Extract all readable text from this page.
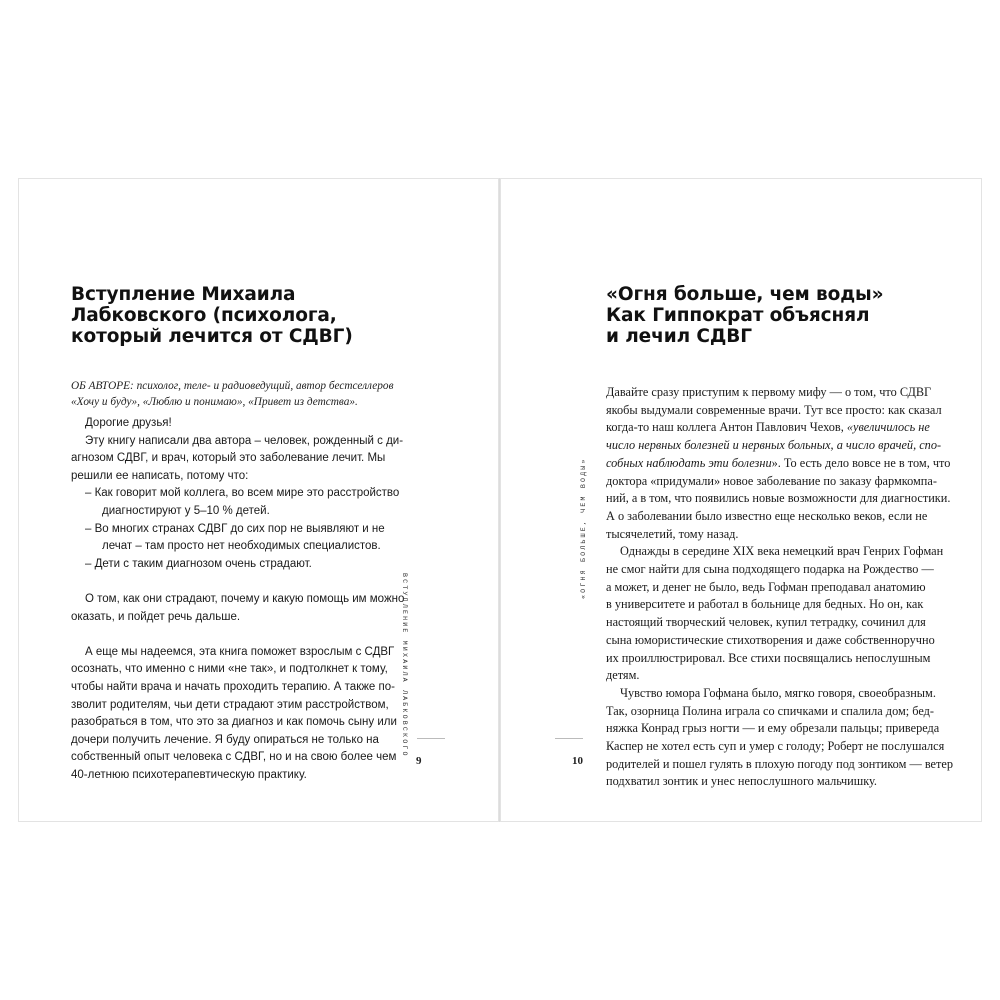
Вступление Михаила
Лабковского (психолога,
который лечится от СДВГ)
ОБ АВТОРЕ: психолог, теле- и радиоведущий, автор бестселлеров
«Хочу и буду», «Люблю и понимаю», «Привет из детства».
Дорогие друзья!
Эту книгу написали два автора – человек, рожденный с ди-
агнозом СДВГ, и врач, который это заболевание лечит. Мы
решили ее написать, потому что:
– Как говорит мой коллега, во всем мире это расстройство
диагностируют у 5–10 % детей.
– Во многих странах СДВГ до сих пор не выявляют и не
лечат – там просто нет необходимых специалистов.
– Дети с таким диагнозом очень страдают.
О том, как они страдают, почему и какую помощь им можно
оказать, и пойдет речь дальше.
А еще мы надеемся, эта книга поможет взрослым с СДВГ
осознать, что именно с ними «не так», и подтолкнет к тому,
чтобы найти врача и начать проходить терапию. А также по-
зволит родителям, чьи дети страдают этим расстройством,
разобраться в том, что это за диагноз и как помочь сыну или
дочери получить лечение. Я буду опираться не только на
собственный опыт человека с СДВГ, но и на свою более чем
40-летнюю психотерапевтическую практику.
ВСТУПЛЕНИЕ МИХАИЛА ЛАБКОВСКОГО
9
«Огня больше, чем воды»
Как Гиппократ объяснял
и лечил СДВГ
Давайте сразу приступим к первому мифу — о том, что СДВГ
якобы выдумали современные врачи. Тут все просто: как сказал
когда-то наш коллега Антон Павлович Чехов, «увеличилось не
число нервных болезней и нервных больных, а число врачей, спо-
собных наблюдать эти болезни». То есть дело вовсе не в том, что
доктора «придумали» новое заболевание по заказу фармкомпа-
ний, а в том, что появились новые возможности для диагностики.
А о заболевании было известно еще несколько веков, если не
тысячелетий, тому назад.
Однажды в середине XIX века немецкий врач Генрих Гофман
не смог найти для сына подходящего подарка на Рождество —
а может, и денег не было, ведь Гофман преподавал анатомию
в университете и работал в больнице для бедных. Но он, как
настоящий творческий человек, купил тетрадку, сочинил для
сына юмористические стихотворения и даже собственноручно
их проиллюстрировал. Все стихи посвящались непослушным
детям.
Чувство юмора Гофмана было, мягко говоря, своеобразным.
Так, озорница Полина играла со спичками и спалила дом; бед-
няжка Конрад грыз ногти — и ему обрезали пальцы; привереда
Каспер не хотел есть суп и умер с голоду; Роберт не послушался
родителей и пошел гулять в плохую погоду под зонтиком — ветер
подхватил зонтик и унес непослушного мальчишку.
«ОГНЯ БОЛЬШЕ, ЧЕМ ВОДЫ»
10
